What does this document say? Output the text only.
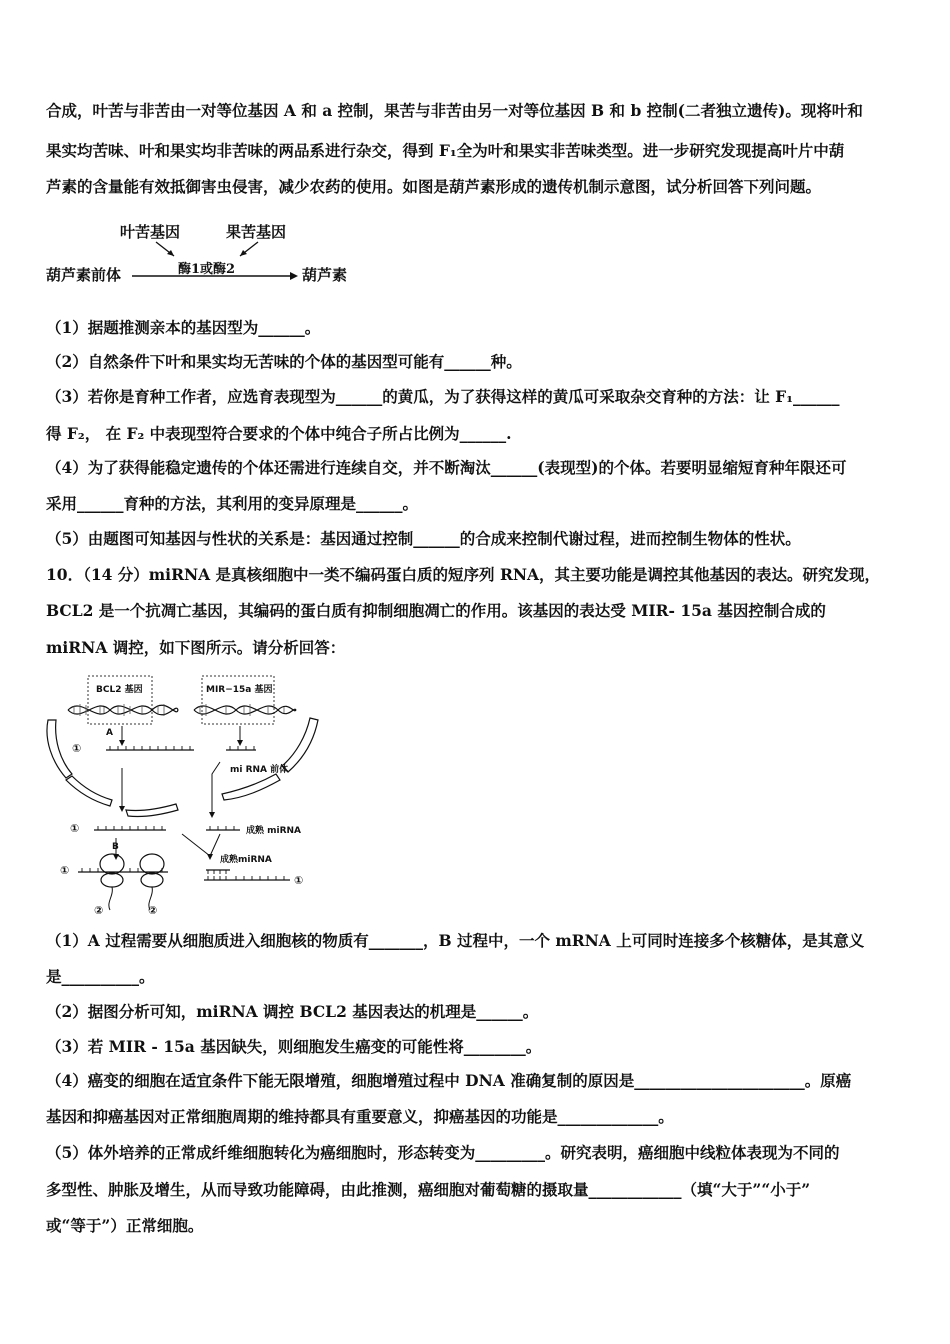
合成，叶苦与非苦由一对等位基因 A 和 a 控制，果苦与非苦由另一对等位基因 B 和 b 控制(二者独立遗传)。现将叶和
果实均苦味、叶和果实均非苦味的两品系进行杂交，得到 F₁全为叶和果实非苦味类型。进一步研究发现提高叶片中葫
芦素的含量能有效抵御害虫侵害，减少农药的使用。如图是葫芦素形成的遗传机制示意图，试分析回答下列问题。
叶苦基因	果苦基因
葫芦素前体	酶1或酶2	葫芦素
（1）据题推测亲本的基因型为______。
（2）自然条件下叶和果实均无苦味的个体的基因型可能有______种。
（3）若你是育种工作者，应选育表现型为______的黄瓜，为了获得这样的黄瓜可采取杂交育种的方法：让 F₁______
得 F₂， 在 F₂ 中表现型符合要求的个体中纯合子所占比例为______.
（4）为了获得能稳定遗传的个体还需进行连续自交，并不断淘汰______(表现型)的个体。若要明显缩短育种年限还可
采用______育种的方法，其利用的变异原理是______。
（5）由题图可知基因与性状的关系是：基因通过控制______的合成来控制代谢过程，进而控制生物体的性状。
10．（14 分）miRNA 是真核细胞中一类不编码蛋白质的短序列 RNA，其主要功能是调控其他基因的表达。研究发现，
BCL2 是一个抗凋亡基因，其编码的蛋白质有抑制细胞凋亡的作用。该基因的表达受 MIR- 15a 基因控制合成的
miRNA 调控，如下图所示。请分析回答：
BCL2 基因	MIR−15a 基因
A
①
mi RNA 前体
①	成熟 miRNA
B
成熟miRNA
①
①
②	②
（1）A 过程需要从细胞质进入细胞核的物质有_______，B 过程中，一个 mRNA 上可同时连接多个核糖体，是其意义
是__________。
（2）据图分析可知，miRNA 调控 BCL2 基因表达的机理是______。
（3）若 MIR - 15a 基因缺失，则细胞发生癌变的可能性将________。
（4）癌变的细胞在适宜条件下能无限增殖，细胞增殖过程中 DNA 准确复制的原因是______________________。原癌
基因和抑癌基因对正常细胞周期的维持都具有重要意义，抑癌基因的功能是_____________。
（5）体外培养的正常成纤维细胞转化为癌细胞时，形态转变为_________。研究表明，癌细胞中线粒体表现为不同的
多型性、肿胀及增生，从而导致功能障碍，由此推测，癌细胞对葡萄糖的摄取量____________（填“大于”“小于”
或“等于”）正常细胞。
